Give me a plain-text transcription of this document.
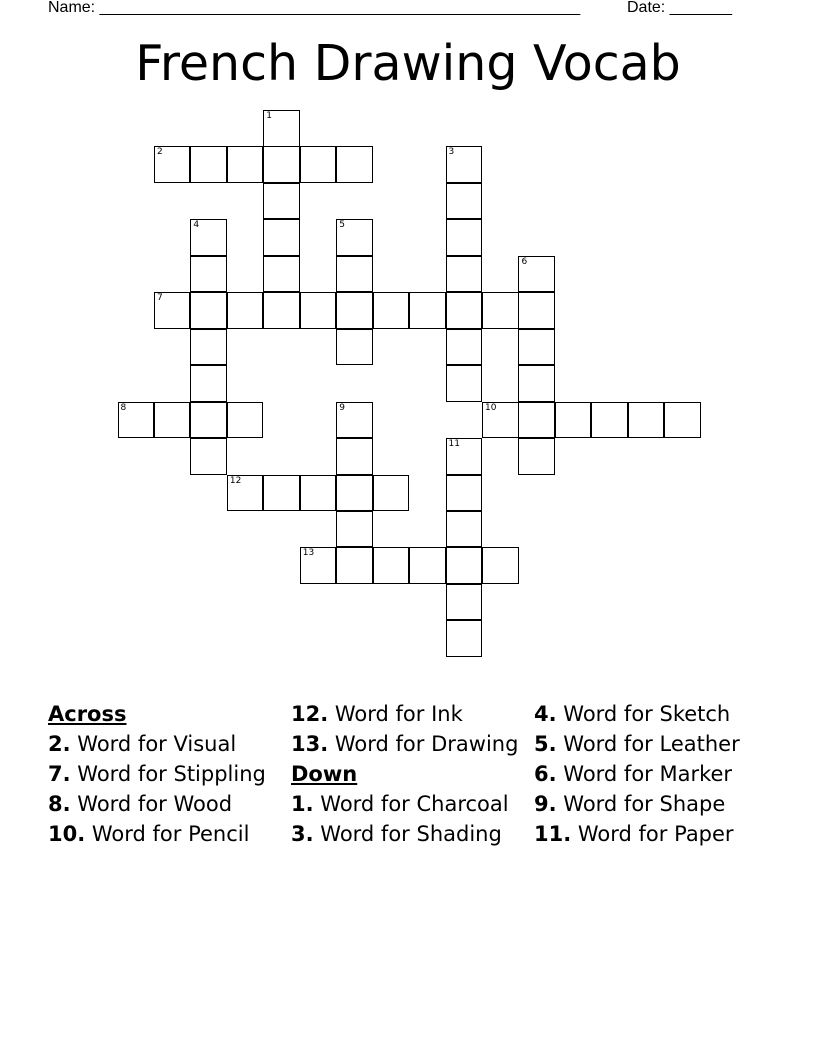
Name: ______________________________________________________	Date: _______
French Drawing Vocab
1
2	3
4	5
6
7
8	9	10
11
12
13
Across
2. Word for Visual
7. Word for Stippling
8. Word for Wood
10. Word for Pencil
12. Word for Ink
13. Word for Drawing
Down
1. Word for Charcoal
3. Word for Shading
4. Word for Sketch
5. Word for Leather
6. Word for Marker
9. Word for Shape
11. Word for Paper
